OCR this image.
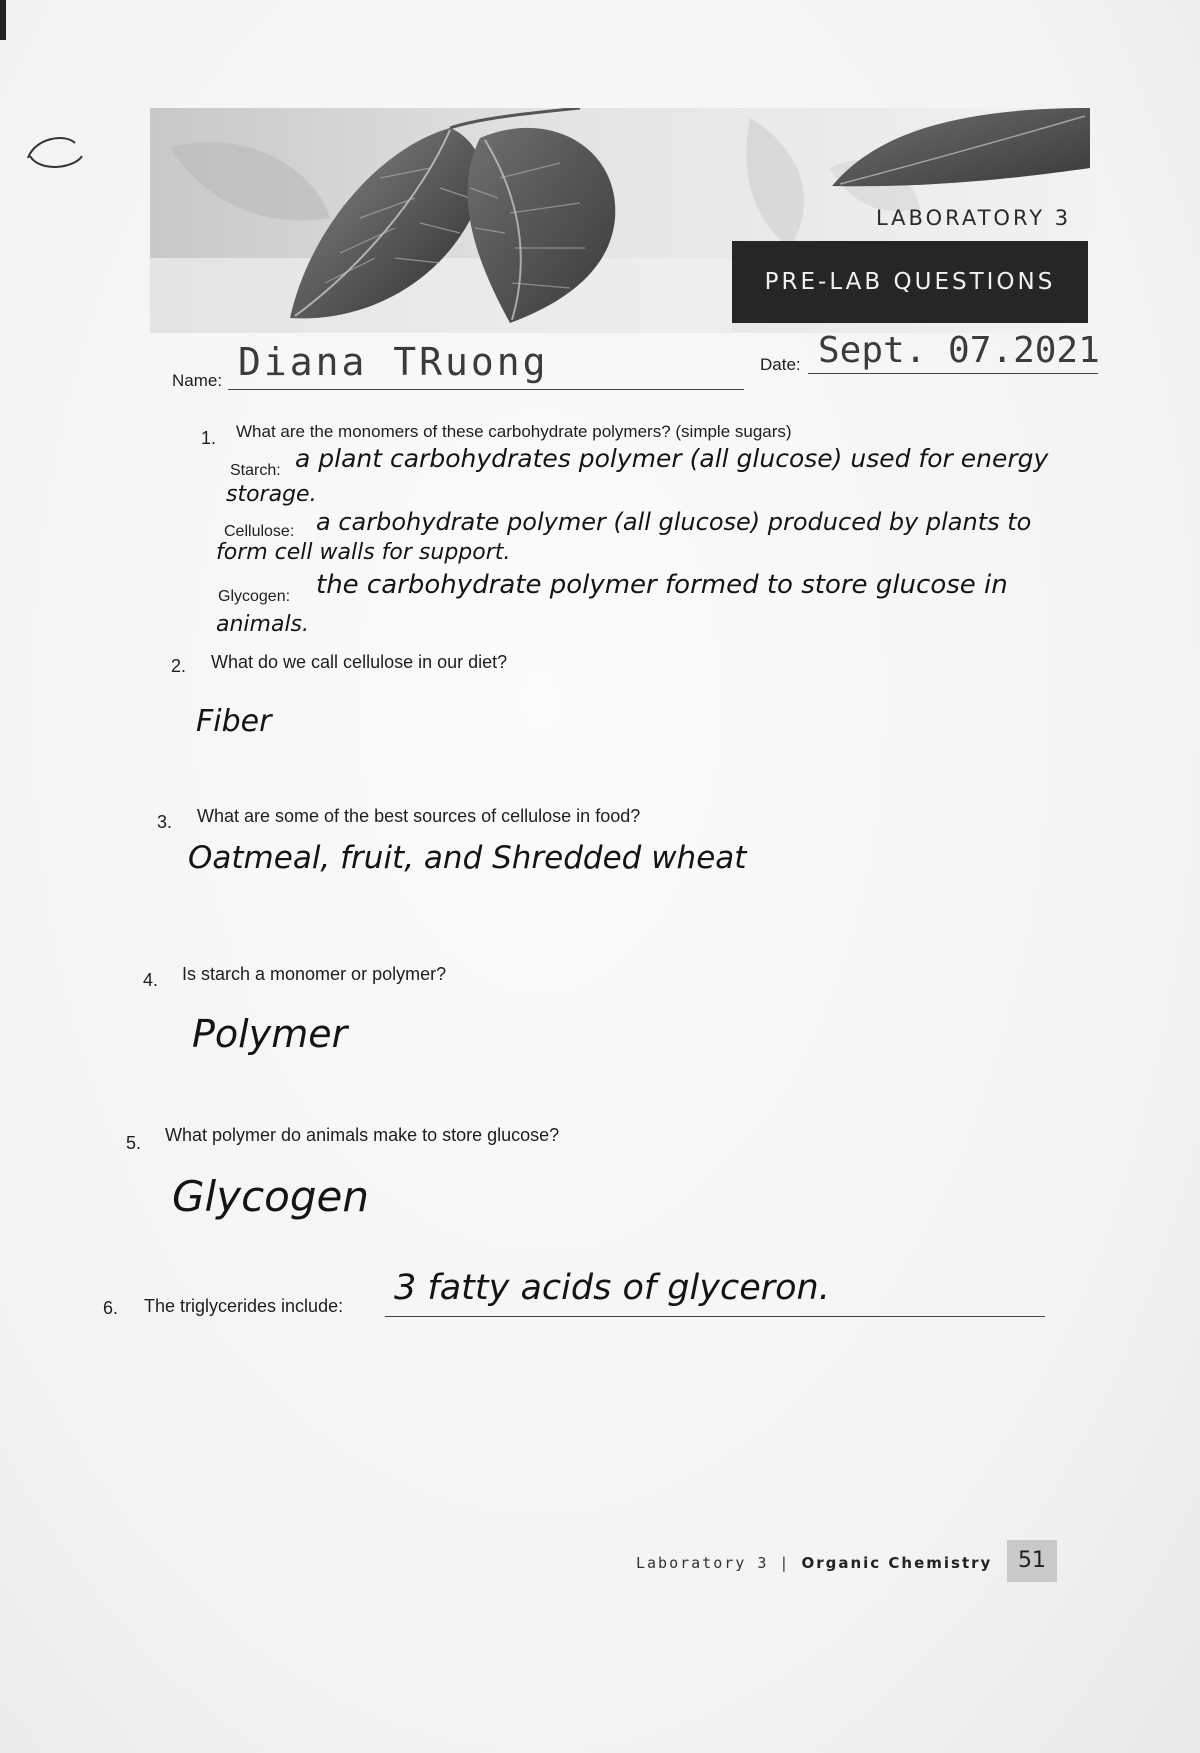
LABORATORY 3
PRE-LAB QUESTIONS
Name: Diana TRuong	Date: Sept. 07.2021
1. What are the monomers of these carbohydrate polymers? (simple sugars)
Starch: a plant carbohydrates polymer (all glucose) used for energy
storage.
Cellulose: a carbohydrate polymer (all glucose) produced by plants to
form cell walls for support.
Glycogen: the carbohydrate polymer formed to store glucose in
animals.
2. What do we call cellulose in our diet?
Fiber
3. What are some of the best sources of cellulose in food?
Oatmeal, fruit, and Shredded wheat
4. Is starch a monomer or polymer?
Polymer
5. What polymer do animals make to store glucose?
Glycogen
6. The triglycerides include: 3 fatty acids of glyceron.
Laboratory 3 | Organic Chemistry	51
